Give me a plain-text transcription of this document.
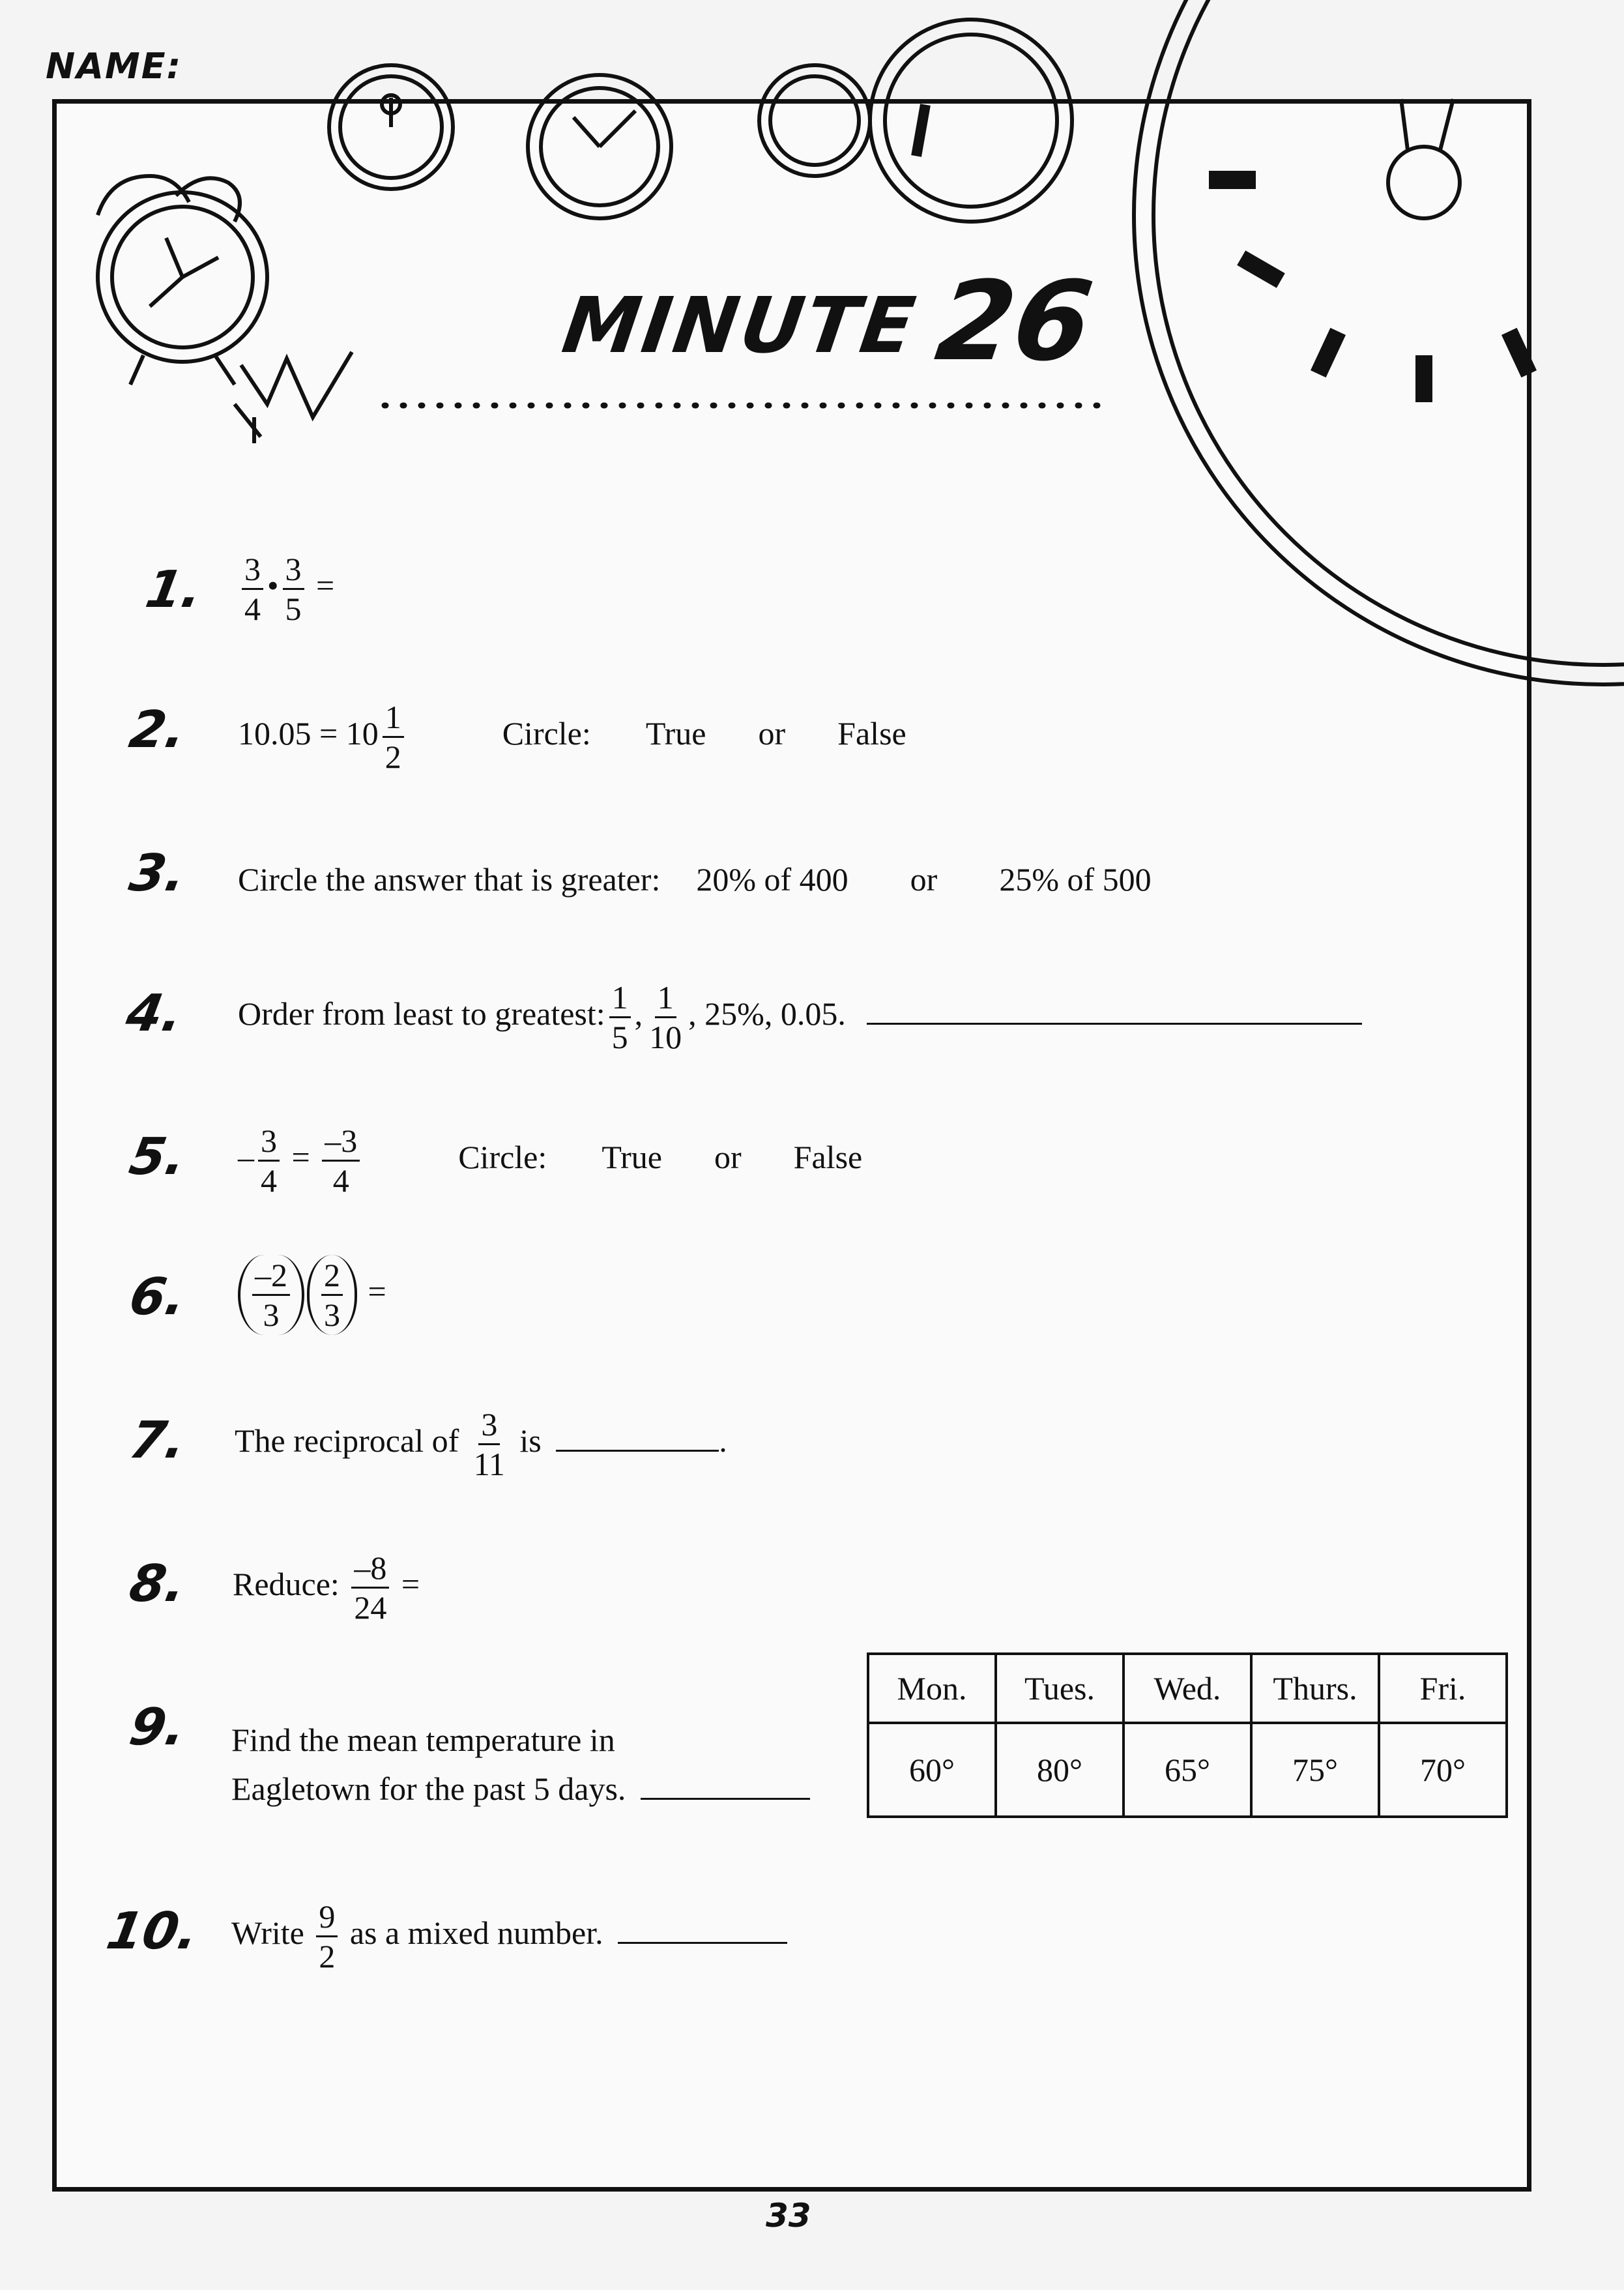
NAME:
MINUTE 26
1. $\frac{3}{4}$ • $\frac{3}{5}$ =
2. $10.05 = 10 \frac{1}{2}$	Circle: True or False
3. Circle the answer that is greater: 20% of 400 or 25% of 500
4. Order from least to greatest: $\frac{1}{5}$ , $\frac{1}{10}$ , 25%, 0.05.
5. – $\frac{3}{4} = \frac{-3}{4}$	Circle: True or False
6. $\frac{-2}{3} \frac{2}{3}$ =
7. The reciprocal of $\frac{3}{11}$ is	.
8. Reduce: $\frac{-8}{24}$ =
9. Find the mean temperature in
Eagletown for the past 5 days.
Mon.	Tues.	Wed.	Thurs.	Fri.
60°	80°	65°	75°	70°
10. Write $\frac{9}{2}$ as a mixed number.
33
